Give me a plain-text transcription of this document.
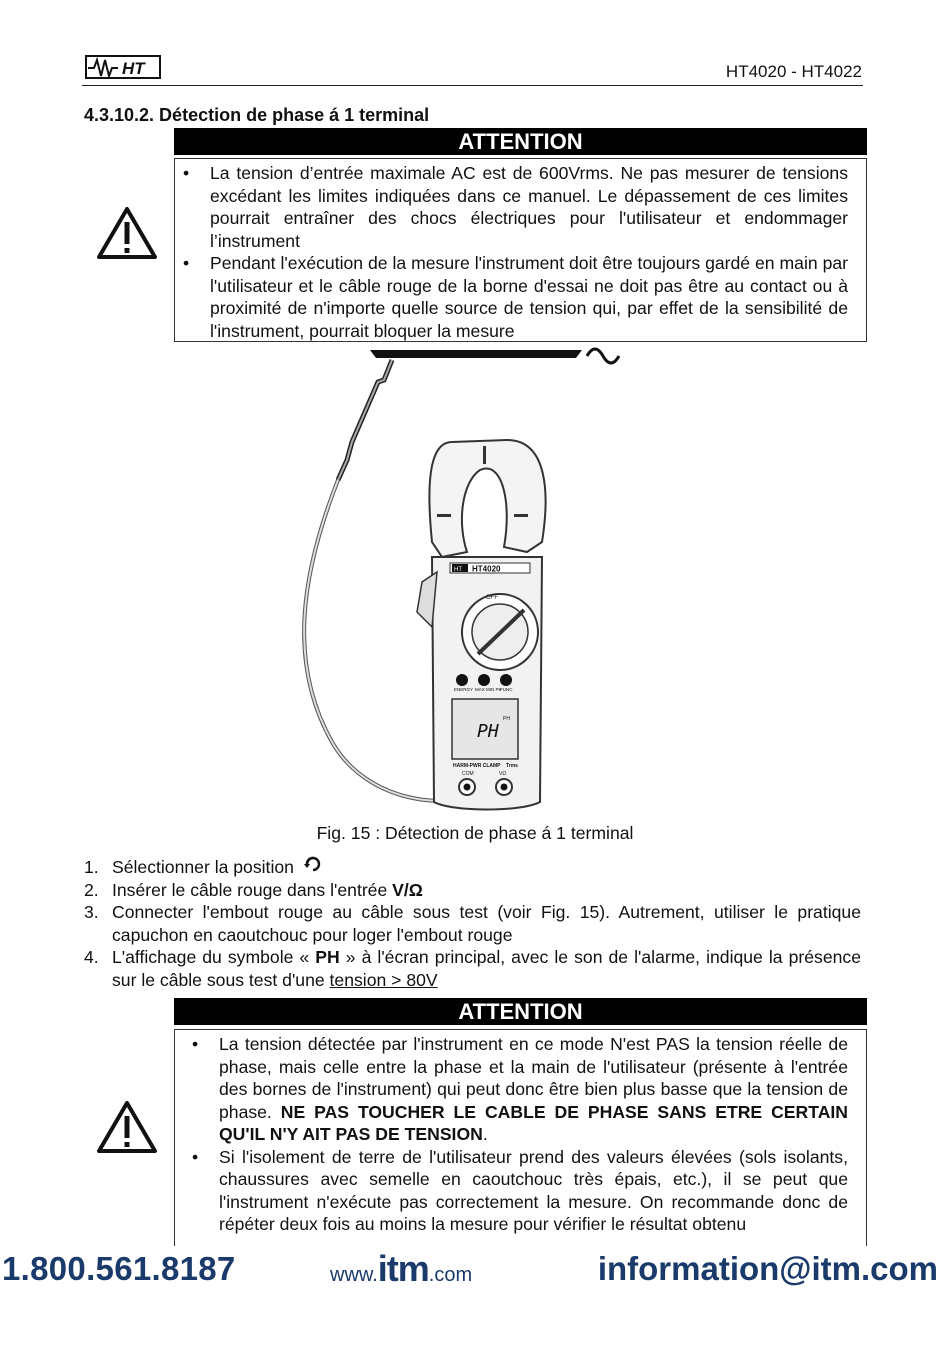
HT	HT4020 - HT4022
4.3.10.2. Détection de phase á 1 terminal
ATTENTION
• La tension d’entrée maximale AC est de 600Vrms. Ne pas mesurer de tensions excédant les limites indiquées dans ce manuel. Le dépassement de ces limites pourrait entraîner des chocs électriques pour l'utilisateur et endommager l’instrument
• Pendant l'exécution de la mesure l'instrument doit être toujours gardé en main par l'utilisateur et le câble rouge de la borne d'essai ne doit pas être au contact ou à proximité de n'importe quelle source de tension qui, par effet de la sensibilité de l'instrument, pourrait bloquer la mesure
HT4020
HT
OFF
ENERGY MAX MIN PK
FUNC
PH
PH
HARM-PWR CLAMP Trms
COM	VΩ
Fig. 15 : Détection de phase á 1 terminal
1. Sélectionner la position
2. Insérer le câble rouge dans l'entrée V/Ω
3. Connecter l'embout rouge au câble sous test (voir Fig. 15). Autrement, utiliser le pratique capuchon en caoutchouc pour loger l'embout rouge
4. L'affichage du symbole « PH » à l'écran principal, avec le son de l'alarme, indique la présence sur le câble sous test d'une tension > 80V
ATTENTION
• La tension détectée par l'instrument en ce mode N'est PAS la tension réelle de phase, mais celle entre la phase et la main de l'utilisateur (présente à l'entrée des bornes de l'instrument) qui peut donc être bien plus basse que la tension de phase. NE PAS TOUCHER LE CABLE DE PHASE SANS ETRE CERTAIN QU'IL N'Y AIT PAS DE TENSION.
• Si l'isolement de terre de l'utilisateur prend des valeurs élevées (sols isolants, chaussures avec semelle en caoutchouc très épais, etc.), il se peut que l'instrument n'exécute pas correctement la mesure. On recommande donc de répéter deux fois au moins la mesure pour vérifier le résultat obtenu
1.800.561.8187	www.itm.com	information@itm.com
